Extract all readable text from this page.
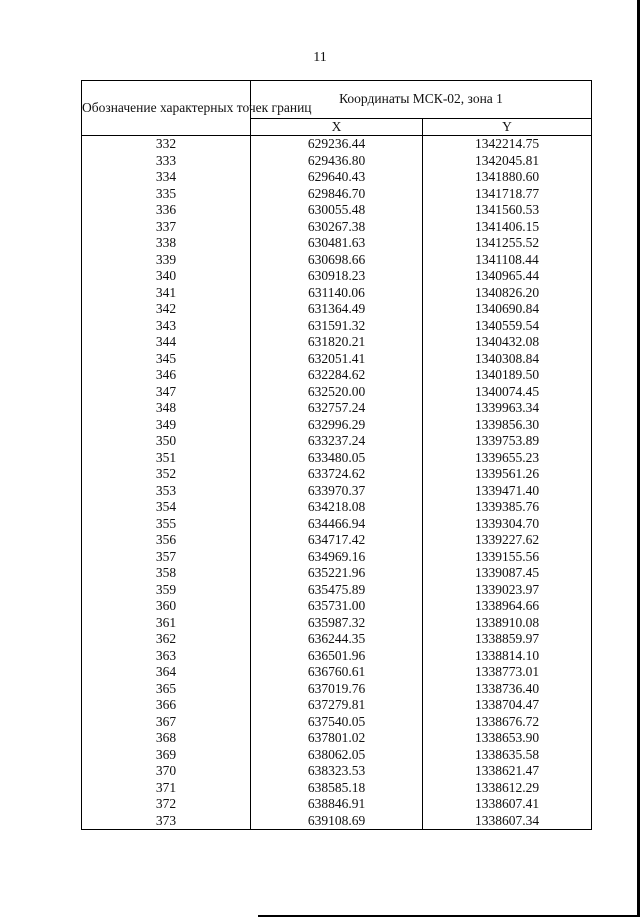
11
Обозначение характерных точек границ	Координаты МСК-02, зона 1	
	X	Y
332	629236.44	1342214.75
333	629436.80	1342045.81
334	629640.43	1341880.60
335	629846.70	1341718.77
336	630055.48	1341560.53
337	630267.38	1341406.15
338	630481.63	1341255.52
339	630698.66	1341108.44
340	630918.23	1340965.44
341	631140.06	1340826.20
342	631364.49	1340690.84
343	631591.32	1340559.54
344	631820.21	1340432.08
345	632051.41	1340308.84
346	632284.62	1340189.50
347	632520.00	1340074.45
348	632757.24	1339963.34
349	632996.29	1339856.30
350	633237.24	1339753.89
351	633480.05	1339655.23
352	633724.62	1339561.26
353	633970.37	1339471.40
354	634218.08	1339385.76
355	634466.94	1339304.70
356	634717.42	1339227.62
357	634969.16	1339155.56
358	635221.96	1339087.45
359	635475.89	1339023.97
360	635731.00	1338964.66
361	635987.32	1338910.08
362	636244.35	1338859.97
363	636501.96	1338814.10
364	636760.61	1338773.01
365	637019.76	1338736.40
366	637279.81	1338704.47
367	637540.05	1338676.72
368	637801.02	1338653.90
369	638062.05	1338635.58
370	638323.53	1338621.47
371	638585.18	1338612.29
372	638846.91	1338607.41
373	639108.69	1338607.34
